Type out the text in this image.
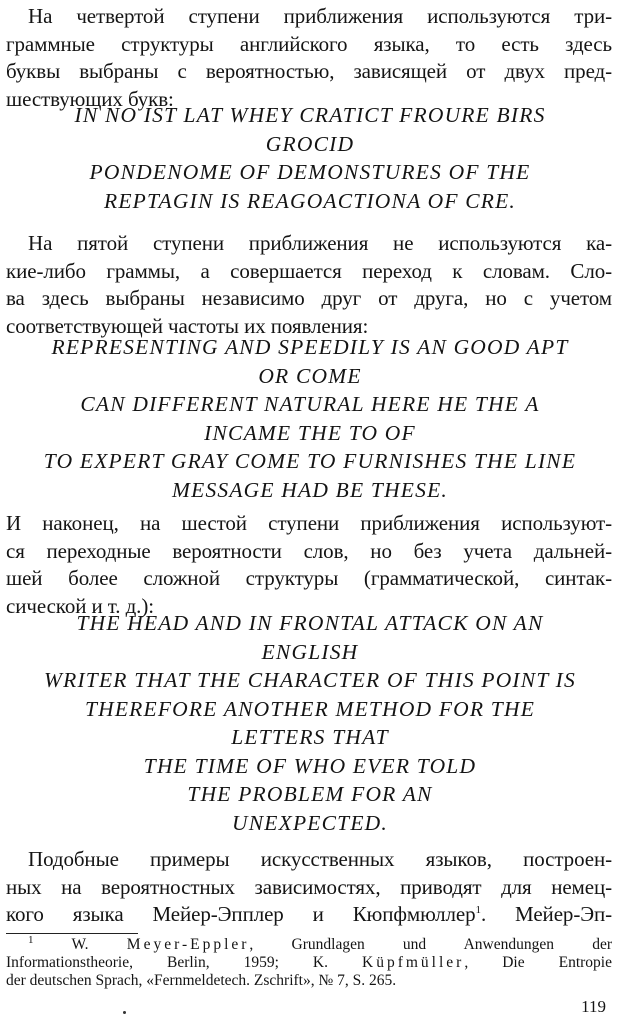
На четвертой ступени приближения используются три-
граммные структуры английского языка, то есть здесь
буквы выбраны с вероятностью, зависящей от двух пред-
шествующих букв:
IN NO IST LAT WHEY CRATICT FROURE BIRS
GROCID
PONDENOME OF DEMONSTURES OF THE
REPTAGIN IS REAGOACTIONA OF CRE.
На пятой ступени приближения не используются ка-
кие-либо граммы, а совершается переход к словам. Сло-
ва здесь выбраны независимо друг от друга, но с учетом
соответствующей частоты их появления:
REPRESENTING AND SPEEDILY IS AN GOOD APT
OR COME
CAN DIFFERENT NATURAL HERE HE THE A
INCAME THE TO OF
TO EXPERT GRAY COME TO FURNISHES THE LINE
MESSAGE HAD BE THESE.
И наконец, на шестой ступени приближения используют-
ся переходные вероятности слов, но без учета дальней-
шей более сложной структуры (грамматической, синтак-
сической и т. д.):
THE HEAD AND IN FRONTAL ATTACK ON AN
ENGLISH
WRITER THAT THE CHARACTER OF THIS POINT IS
THEREFORE ANOTHER METHOD FOR THE
LETTERS THAT
THE TIME OF WHO EVER TOLD
THE PROBLEM FOR AN
UNEXPECTED.
Подобные примеры искусственных языков, построен-
ных на вероятностных зависимостях, приводят для немец-
кого языка Мейер-Эпплер и Кюпфмюллер$^1$. Мейер-Эп-
$^1$ W. Meyer-Eppler, Grundlagen und Anwendungen der
Informationstheorie, Berlin, 1959; K. Küpfmüller, Die Entropie
der deutschen Sprach, «Fernmeldetech. Zschrift», № 7, S. 265.
119
